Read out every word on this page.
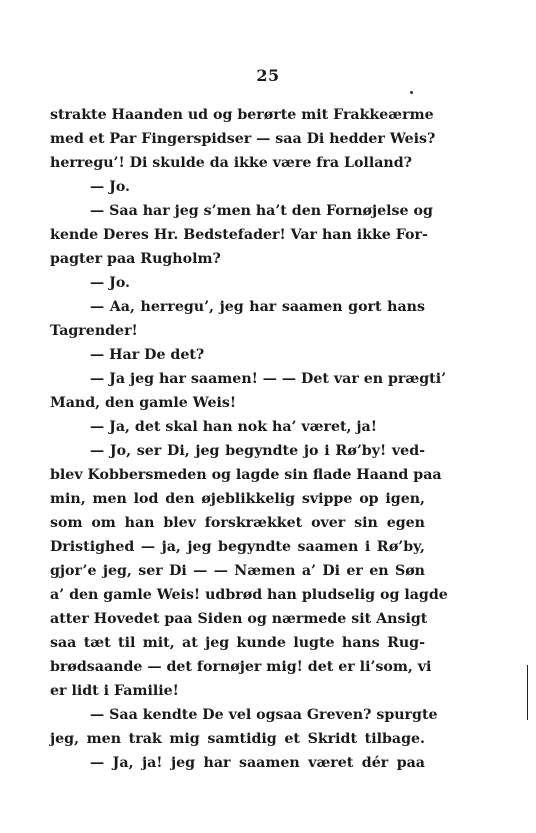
25
strakte Haanden ud og berørte mit Frakkeærme
med et Par Fingerspidser — saa Di hedder Weis?
herregu’! Di skulde da ikke være fra Lolland?
— Jo.
— Saa har jeg s’men ha’t den Fornøjelse og
kende Deres Hr. Bedstefader! Var han ikke For-
pagter paa Rugholm?
— Jo.
— Aa, herregu’, jeg har saamen gort hans
Tagrender!
— Har De det?
— Ja jeg har saamen! — — Det var en prægti’
Mand, den gamle Weis!
— Ja, det skal han nok ha’ været, ja!
— Jo, ser Di, jeg begyndte jo i Rø’by! ved-
blev Kobbersmeden og lagde sin flade Haand paa
min, men lod den øjeblikkelig svippe op igen,
som om han blev forskrækket over sin egen
Dristighed — ja, jeg begyndte saamen i Rø’by,
gjor’e jeg, ser Di — — Næmen a’ Di er en Søn
a’ den gamle Weis! udbrød han pludselig og lagde
atter Hovedet paa Siden og nærmede sit Ansigt
saa tæt til mit, at jeg kunde lugte hans Rug-
brødsaande — det fornøjer mig! det er li’som, vi
er lidt i Familie!
— Saa kendte De vel ogsaa Greven? spurgte
jeg, men trak mig samtidig et Skridt tilbage.
— Ja, ja! jeg har saamen været dér paa
